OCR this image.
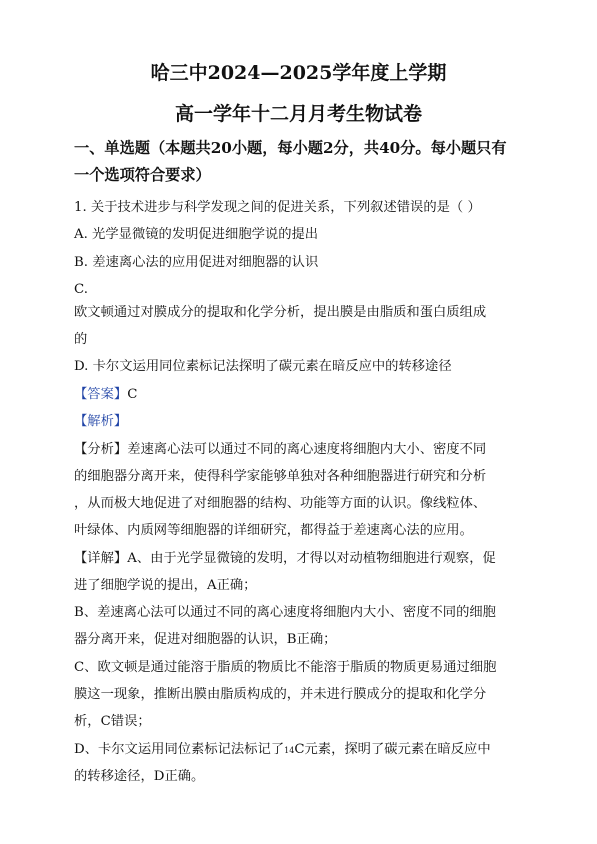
哈三中2024—2025学年度上学期
高一学年十二月月考生物试卷
一、单选题（本题共20小题，每小题2分，共40分。每小题只有
一个选项符合要求）
1. 关于技术进步与科学发现之间的促进关系，下列叙述错误的是（ ）
A. 光学显微镜的发明促进细胞学说的提出
B. 差速离心法的应用促进对细胞器的认识
C.
欧文顿通过对膜成分的提取和化学分析，提出膜是由脂质和蛋白质组成
的
D. 卡尔文运用同位素标记法探明了碳元素在暗反应中的转移途径
【答案】C
【解析】
【分析】差速离心法可以通过不同的离心速度将细胞内大小、密度不同
的细胞器分离开来，使得科学家能够单独对各种细胞器进行研究和分析
，从而极大地促进了对细胞器的结构、功能等方面的认识。像线粒体、
叶绿体、内质网等细胞器的详细研究，都得益于差速离心法的应用。
【详解】A、由于光学显微镜的发明，才得以对动植物细胞进行观察，促
进了细胞学说的提出，A正确；
B、差速离心法可以通过不同的离心速度将细胞内大小、密度不同的细胞
器分离开来，促进对细胞器的认识，B正确；
C、欧文顿是通过能溶于脂质的物质比不能溶于脂质的物质更易通过细胞
膜这一现象，推断出膜由脂质构成的，并未进行膜成分的提取和化学分
析，C错误；
D、卡尔文运用同位素标记法标记了14C元素，探明了碳元素在暗反应中
的转移途径，D正确。
